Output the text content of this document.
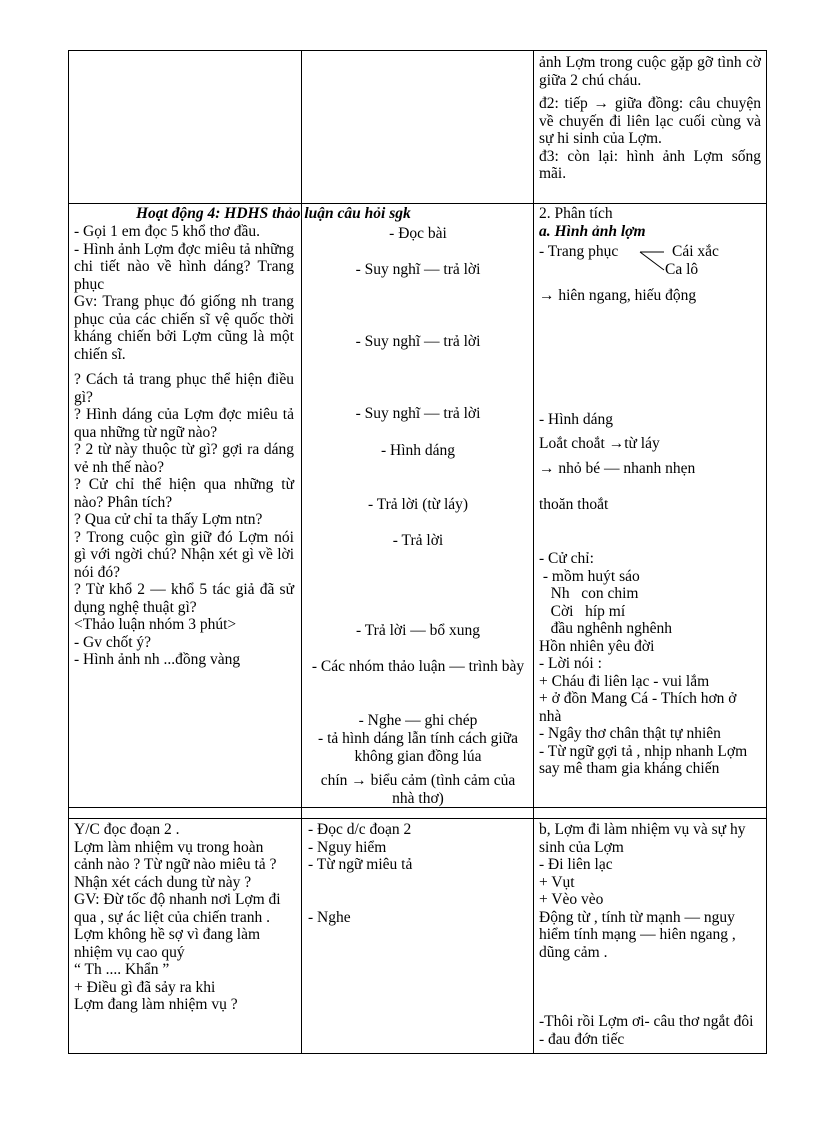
ảnh Lợm trong cuộc gặp gỡ tình cờ giữa 2 chú cháu.

đ2: tiếp → giữa đồng: câu chuyện về chuyến đi liên lạc cuối cùng và sự hi sinh của Lợm.

đ3: còn lại: hình ảnh Lợm sống mãi.

Hoạt động 4: HDHS thảo luận câu hỏi sgk	2. Phân tích
a. Hình ảnh lợm

- Gọi 1 em đọc 5 khổ thơ đầu.

- Hình ảnh Lợm đợc miêu tả những chi tiết nào về hình dáng? Trang phục

Gv: Trang phục đó giống nh trang phục của các chiến sĩ vệ quốc thời kháng chiến bởi Lợm cũng là một chiến sĩ.

? Cách tả trang phục thể hiện điều gì?

? Hình dáng của Lợm đợc miêu tả qua những từ ngữ nào?

? 2 từ này thuộc từ gì? gợi ra dáng vẻ nh thế nào?

? Cử chỉ thể hiện qua những từ nào? Phân tích?

? Qua cử chỉ ta thấy Lợm ntn?

? Trong cuộc gìn giữ đó Lợm nói gì với ngời chú? Nhận xét gì về lời nói đó?

? Từ khổ 2 — khổ 5 tác giả đã sử dụng nghệ thuật gì?

<Thảo luận nhóm 3 phút>

- Gv chốt ý?

- Hình ảnh nh ...đồng vàng

- Đọc bài
- Suy nghĩ — trả lời
- Suy nghĩ — trả lời
- Suy nghĩ — trả lời
- Hình dáng
- Trả lời (từ láy)
- Trả lời
- Trả lời — bổ xung
- Các nhóm thảo luận — trình bày
- Nghe — ghi chép
- tả hình dáng lẫn tính cách giữa không gian đồng lúa
chín → biểu cảm (tình cảm của nhà thơ)
- Trang phục	Cái xắc
Ca lô
→ hiên ngang, hiếu động
- Hình dáng
Loắt choắt →từ láy
→ nhỏ bé — nhanh nhẹn
thoăn thoắt

- Cử chỉ:

- mồm huýt sáo

Nh   con chim

Cời   híp mí

đầu nghênh nghênh

Hồn nhiên yêu đời

- Lời nói :

+ Cháu đi liên lạc - vui lắm

+ ở đồn Mang Cá - Thích hơn ở nhà

- Ngây thơ chân thật tự nhiên

- Từ ngữ gợi tả , nhịp nhanh Lợm say mê tham gia kháng chiến

Y/C đọc đoạn 2 .

Lợm làm nhiệm vụ trong hoàn cảnh nào ? Từ ngữ nào miêu tả ? Nhận xét cách dung từ này ?

GV: Đừ tốc độ nhanh nơi Lợm đi

qua , sự ác liệt của chiến tranh . Lợm không hề sợ vì đang làm nhiệm vụ cao quý

“ Th .... Khẩn ”

+ Điều gì đã sảy ra khi

Lợm đang làm nhiệm vụ ?

- Đọc d/c đoạn 2

- Nguy hiểm

- Từ ngữ miêu tả

- Nghe

b, Lợm đi làm nhiệm vụ và sự hy sinh của Lợm

- Đi liên lạc

+ Vụt

+ Vèo vèo

Động từ , tính từ mạnh — nguy hiểm tính mạng — hiên ngang , dũng cảm .

-Thôi rồi Lợm ơi- câu thơ ngắt đôi - đau đớn tiếc
